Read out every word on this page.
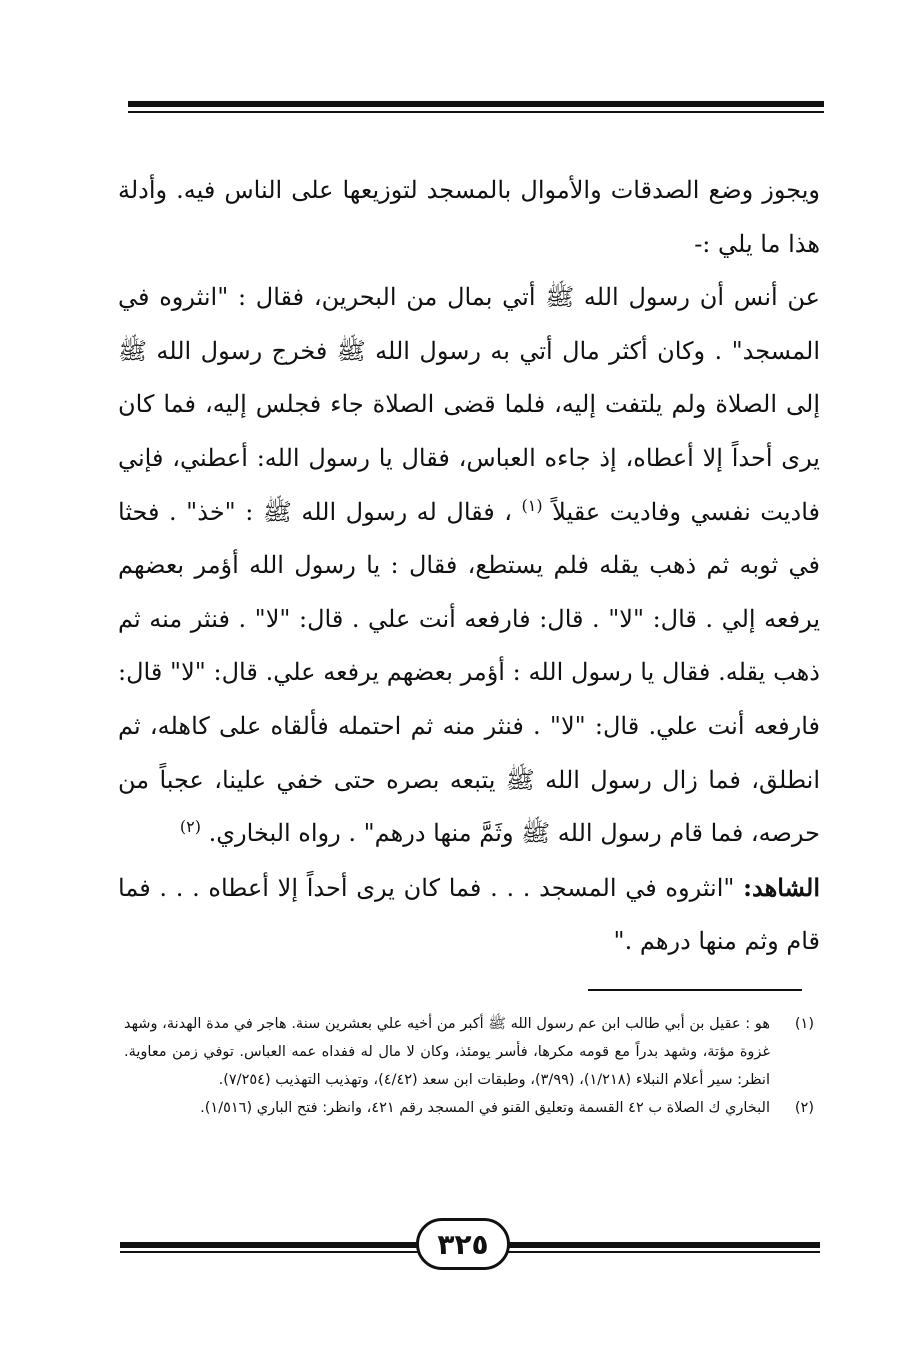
ويجوز وضع الصدقات والأموال بالمسجد لتوزيعها على الناس فيه. وأدلة هذا ما يلي :-

عن أنس أن رسول الله ﷺ أتي بمال من البحرين، فقال : "انثروه في المسجد" . وكان أكثر مال أتي به رسول الله ﷺ فخرج رسول الله ﷺ إلى الصلاة ولم يلتفت إليه، فلما قضى الصلاة جاء فجلس إليه، فما كان يرى أحداً إلا أعطاه، إذ جاءه العباس، فقال يا رسول الله: أعطني، فإني فاديت نفسي وفاديت عقيلاً $^{(١)}$ ، فقال له رسول الله ﷺ : "خذ" . فحثا في ثوبه ثم ذهب يقله فلم يستطع، فقال : يا رسول الله أؤمر بعضهم يرفعه إلي . قال: "لا" . قال: فارفعه أنت علي . قال: "لا" . فنثر منه ثم ذهب يقله. فقال يا رسول الله : أؤمر بعضهم يرفعه علي. قال: "لا" قال: فارفعه أنت علي. قال: "لا" . فنثر منه ثم احتمله فألقاه على كاهله، ثم انطلق، فما زال رسول الله ﷺ يتبعه بصره حتى خفي علينا، عجباً من حرصه، فما قام رسول الله ﷺ وثَمَّ منها درهم" . رواه البخاري. $^{(٢)}$

الشاهد: "انثروه في المسجد . . . فما كان يرى أحداً إلا أعطاه . . . فما قام وثم منها درهم ."

(١)
هو : عقيل بن أبي طالب ابن عم رسول الله ﷺ أكبر من أخيه علي بعشرين سنة. هاجر في مدة الهدنة، وشهد غزوة مؤتة، وشهد بدراً مع قومه مكرها، فأسر يومئذ، وكان لا مال له ففداه عمه العباس. توفي زمن معاوية. انظر: سير أعلام النبلاء (١/٢١٨)، (٣/٩٩)، وطبقات ابن سعد (٤/٤٢)، وتهذيب التهذيب (٧/٢٥٤).
(٢)
البخاري ك الصلاة ب ٤٢ القسمة وتعليق القنو في المسجد رقم ٤٢١، وانظر: فتح الباري (١/٥١٦).
٣٢٥
